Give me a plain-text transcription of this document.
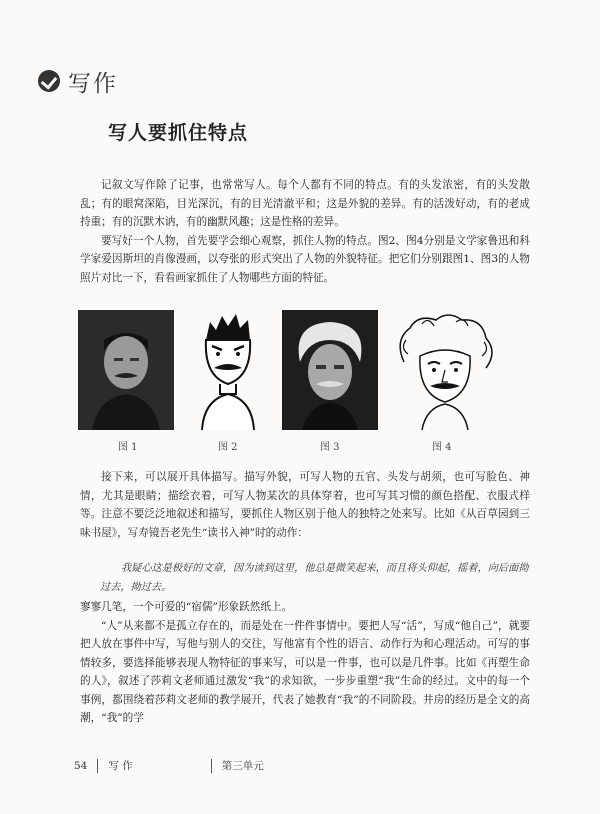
写作
写人要抓住特点

记叙文写作除了记事，也常常写人。每个人都有不同的特点。有的头发浓密，有的头发散乱；有的眼窝深陷，目光深沉，有的目光清澈平和；这是外貌的差异。有的活泼好动，有的老成持重；有的沉默木讷，有的幽默风趣；这是性格的差异。

要写好一个人物，首先要学会细心观察，抓住人物的特点。图2、图4分别是文学家鲁迅和科学家爱因斯坦的肖像漫画，以夸张的形式突出了人物的外貌特征。把它们分别跟图1、图3的人物照片对比一下，看看画家抓住了人物哪些方面的特征。

图 1	图 2	图 3	图 4

接下来，可以展开具体描写。描写外貌，可写人物的五官、头发与胡须，也可写脸色、神情，尤其是眼睛；描绘衣着，可写人物某次的具体穿着，也可写其习惯的颜色搭配、衣服式样等。注意不要泛泛地叙述和描写，要抓住人物区别于他人的独特之处来写。比如《从百草园到三味书屋》，写寿镜吾老先生“读书入神”时的动作：

我疑心这是极好的文章，因为读到这里，他总是微笑起来，而且将头仰起，摇着，向后面拗过去，拗过去。

寥寥几笔，一个可爱的“宿儒”形象跃然纸上。

“人”从来都不是孤立存在的，而是处在一件件事情中。要把人写“活”，写成“他自己”，就要把人放在事件中写，写他与别人的交往，写他富有个性的语言、动作行为和心理活动。可写的事情较多，要选择能够表现人物特征的事来写，可以是一件事，也可以是几件事。比如《再塑生命的人》，叙述了莎莉文老师通过激发“我”的求知欲，一步步重塑“我”生命的经过。文中的每一个事例，都围绕着莎莉文老师的教学展开，代表了她教育“我”的不同阶段。井房的经历是全文的高潮，“我”的学

54 写 作	第三单元
